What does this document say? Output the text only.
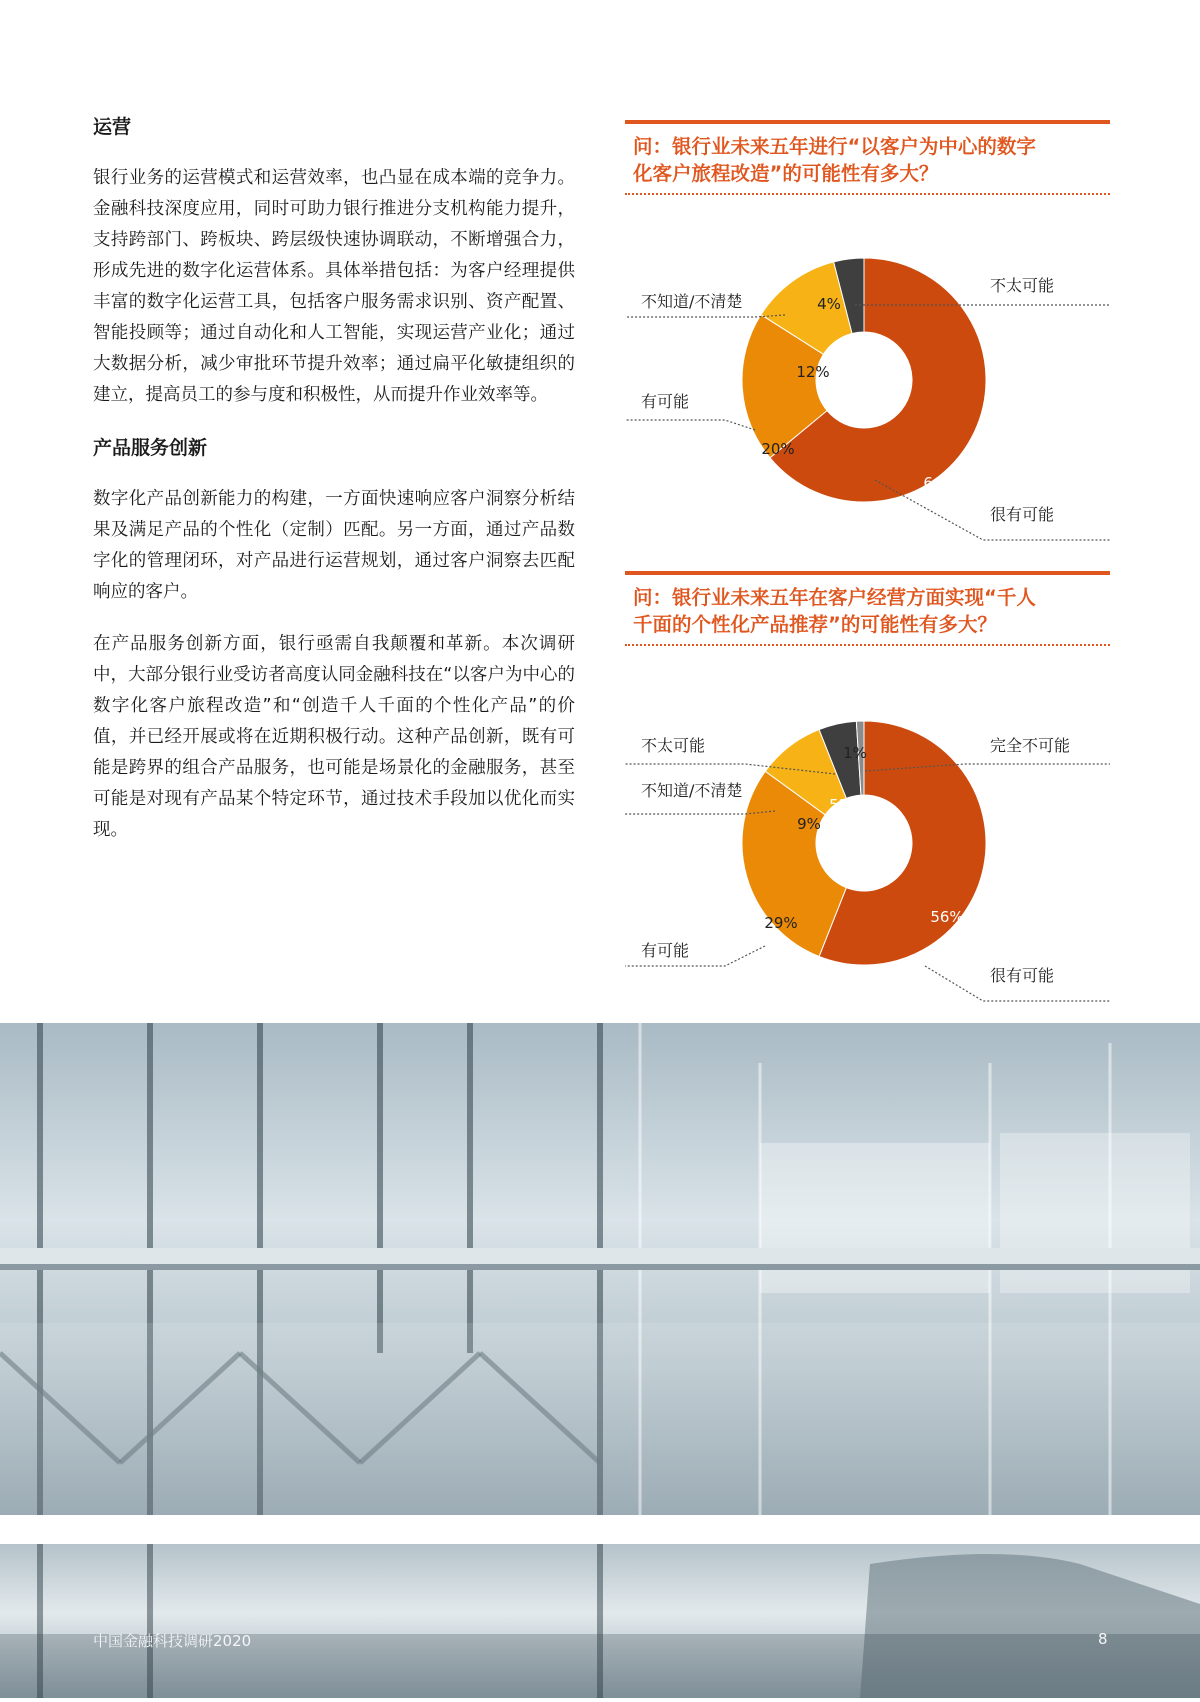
运营

银行业务的运营模式和运营效率，也凸显在成本端的竞争力。金融科技深度应用，同时可助力银行推进分支机构能力提升，支持跨部门、跨板块、跨层级快速协调联动，不断增强合力，形成先进的数字化运营体系。具体举措包括：为客户经理提供丰富的数字化运营工具，包括客户服务需求识别、资产配置、智能投顾等；通过自动化和人工智能，实现运营产业化；通过大数据分析，减少审批环节提升效率；通过扁平化敏捷组织的建立，提高员工的参与度和积极性，从而提升作业效率等。

产品服务创新

数字化产品创新能力的构建，一方面快速响应客户洞察分析结果及满足产品的个性化（定制）匹配。另一方面，通过产品数字化的管理闭环，对产品进行运营规划，通过客户洞察去匹配响应的客户。

在产品服务创新方面，银行亟需自我颠覆和革新。本次调研中，大部分银行业受访者高度认同金融科技在“以客户为中心的数字化客户旅程改造”和“创造千人千面的个性化产品”的价值，并已经开展或将在近期积极行动。这种产品创新，既有可能是跨界的组合产品服务，也可能是场景化的金融服务，甚至可能是对现有产品某个特定环节，通过技术手段加以优化而实现。

问：银行业未来五年进行“以客户为中心的数字
化客户旅程改造”的可能性有多大？
64%
20%
12%
4%
很有可能
有可能
不知道/不清楚
不太可能
问：银行业未来五年在客户经营方面实现“千人
千面的个性化产品推荐”的可能性有多大？
56%
29%
9%
5%
1%
很有可能
有可能
不知道/不清楚
不太可能	完全不可能
中国金融科技调研2020	8
